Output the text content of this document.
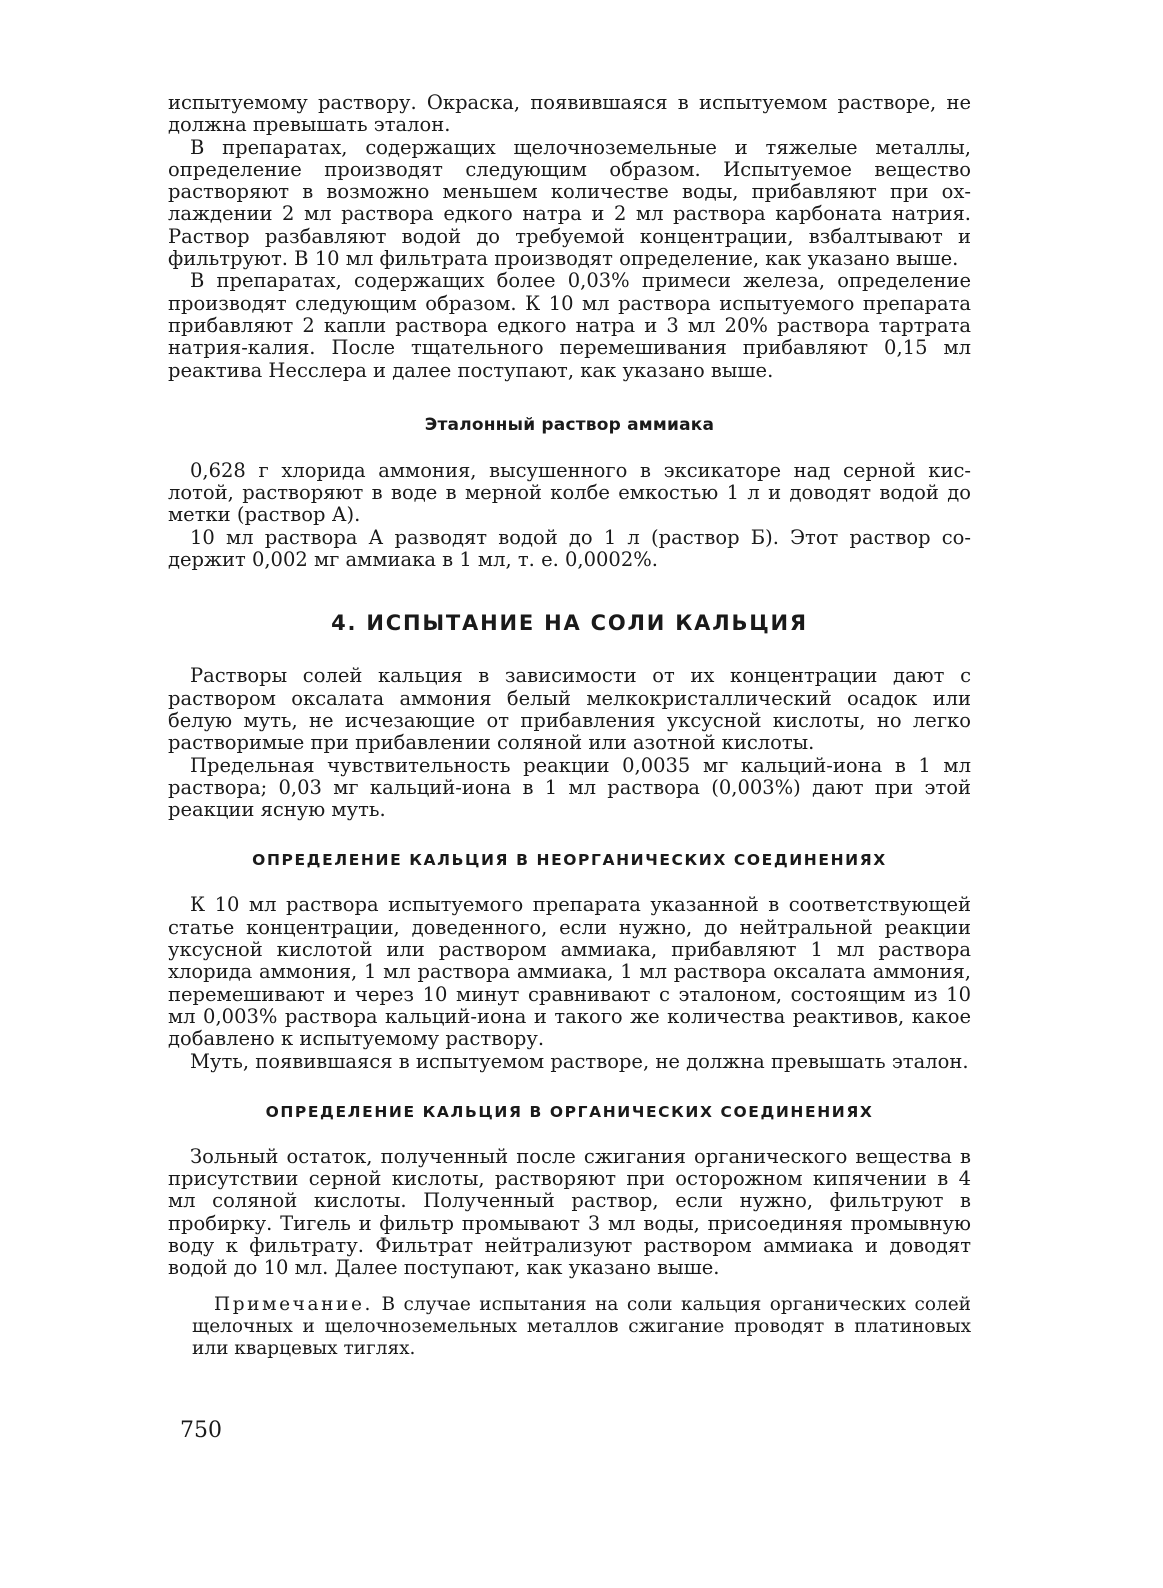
испытуемому раствору. Окраска, появившаяся в испытуемом растворе, не должна превышать эталон.

В препаратах, содержащих щелочноземельные и тяжелые металлы, определение производят следующим образом. Испытуемое вещество растворяют в возможно меньшем количестве воды, прибавляют при охлаждении 2 мл раствора едкого натра и 2 мл раствора карбоната натрия. Раствор разбавляют водой до требуемой концентрации, взбалтывают и фильтруют. В 10 мл фильтрата производят определение, как указано выше.

В препаратах, содержащих более 0,03% примеси железа, определение производят следующим образом. К 10 мл раствора испытуемого препарата прибавляют 2 капли раствора едкого натра и 3 мл 20% раствора тартрата натрия-калия. После тщательного перемешивания прибавляют 0,15 мл реактива Несслера и далее поступают, как указано выше.

Эталонный раствор аммиака

0,628 г хлорида аммония, высушенного в эксикаторе над серной кислотой, растворяют в воде в мерной колбе емкостью 1 л и доводят водой до метки (раствор А).

10 мл раствора А разводят водой до 1 л (раствор Б). Этот раствор содержит 0,002 мг аммиака в 1 мл, т. е. 0,0002%.

4. ИСПЫТАНИЕ НА СОЛИ КАЛЬЦИЯ

Растворы солей кальция в зависимости от их концентрации дают с раствором оксалата аммония белый мелкокристаллический осадок или белую муть, не исчезающие от прибавления уксусной кислоты, но легко растворимые при прибавлении соляной или азотной кислоты.

Предельная чувствительность реакции 0,0035 мг кальций-иона в 1 мл раствора; 0,03 мг кальций-иона в 1 мл раствора (0,003%) дают при этой реакции ясную муть.

ОПРЕДЕЛЕНИЕ КАЛЬЦИЯ В НЕОРГАНИЧЕСКИХ СОЕДИНЕНИЯХ

К 10 мл раствора испытуемого препарата указанной в соответствующей статье концентрации, доведенного, если нужно, до нейтральной реакции уксусной кислотой или раствором аммиака, прибавляют 1 мл раствора хлорида аммония, 1 мл раствора аммиака, 1 мл раствора оксалата аммония, перемешивают и через 10 минут сравнивают с эталоном, состоящим из 10 мл 0,003% раствора кальций-иона и такого же количества реактивов, какое добавлено к испытуемому раствору.

Муть, появившаяся в испытуемом растворе, не должна превышать эталон.

ОПРЕДЕЛЕНИЕ КАЛЬЦИЯ В ОРГАНИЧЕСКИХ СОЕДИНЕНИЯХ

Зольный остаток, полученный после сжигания органического вещества в присутствии серной кислоты, растворяют при осторожном кипячении в 4 мл соляной кислоты. Полученный раствор, если нужно, фильтруют в пробирку. Тигель и фильтр промывают 3 мл воды, присоединяя промывную воду к фильтрату. Фильтрат нейтрализуют раствором аммиака и доводят водой до 10 мл. Далее поступают, как указано выше.

Примечание. В случае испытания на соли кальция органических солей щелочных и щелочноземельных металлов сжигание проводят в платиновых или кварцевых тиглях.

750
